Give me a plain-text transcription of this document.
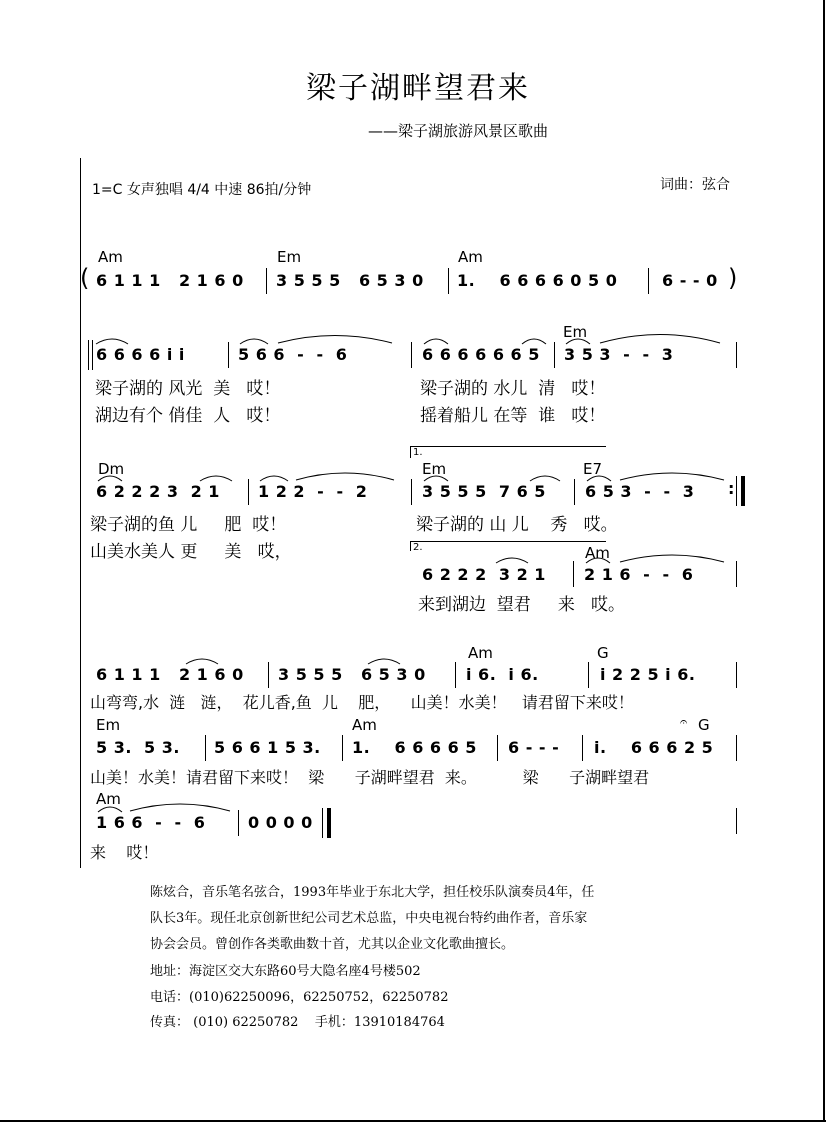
梁子湖畔望君来
——梁子湖旅游风景区歌曲
1=C 女声独唱 4/4 中速 86拍/分钟	词曲：弦合
Am	Em	Am
( 6 1 1 1   2 1 6 0 3 5 5 5   6 5 3 0 1.    6 6 6 6 0 5 0	6 - - 0 )
Em
6 6 6 6 i i	5 6 6  -  -  6	6 6 6 6 6 6 5 3 5 3  -  -  3
梁子湖的 风光  美   哎！	梁子湖的 水儿  清   哎！
湖边有个 俏佳  人   哎！	摇着船儿 在等  谁   哎！
1.
Dm	Em	E7
6 2 2 2 3  2 1 1 2 2  -  -  2	3 5 5 5  7 6 5 6 5 3  -  -  3 :
梁子湖的鱼 儿     肥  哎！	梁子湖的 山 儿    秀   哎。
山美水美人 更     美   哎，	2.	Am
6 2 2 2  3 2 1 2 1 6  -  -  6
来到湖边  望君     来   哎。
Am	G
6 1 1 1   2 1 6 0 3 5 5 5   6 5 3 0	i 6.  i 6.	i 2 2 5 i 6.
山弯弯,水  涟   涟，  花儿香,鱼  儿    肥，    山美！水美！   请君留下来哎！
Em	Am	𝄐 G
5 3.  5 3. 5 6 6 1 5 3. 1.    6 6 6 6 5 6 - - - i.    6 6 6 2 5
山美！水美！请君留下来哎！  梁      子湖畔望君  来。         梁      子湖畔望君
Am
1 6 6  -  -  6	0 0 0 0
来    哎！
陈炫合，音乐笔名弦合，1993年毕业于东北大学，担任校乐队演奏员4年，任
队长3年。现任北京创新世纪公司艺术总监，中央电视台特约曲作者，音乐家
协会会员。曾创作各类歌曲数十首，尤其以企业文化歌曲擅长。
地址：海淀区交大东路60号大隐名座4号楼502
电话：(010)62250096，62250752，62250782
传真： (010) 62250782    手机：13910184764
